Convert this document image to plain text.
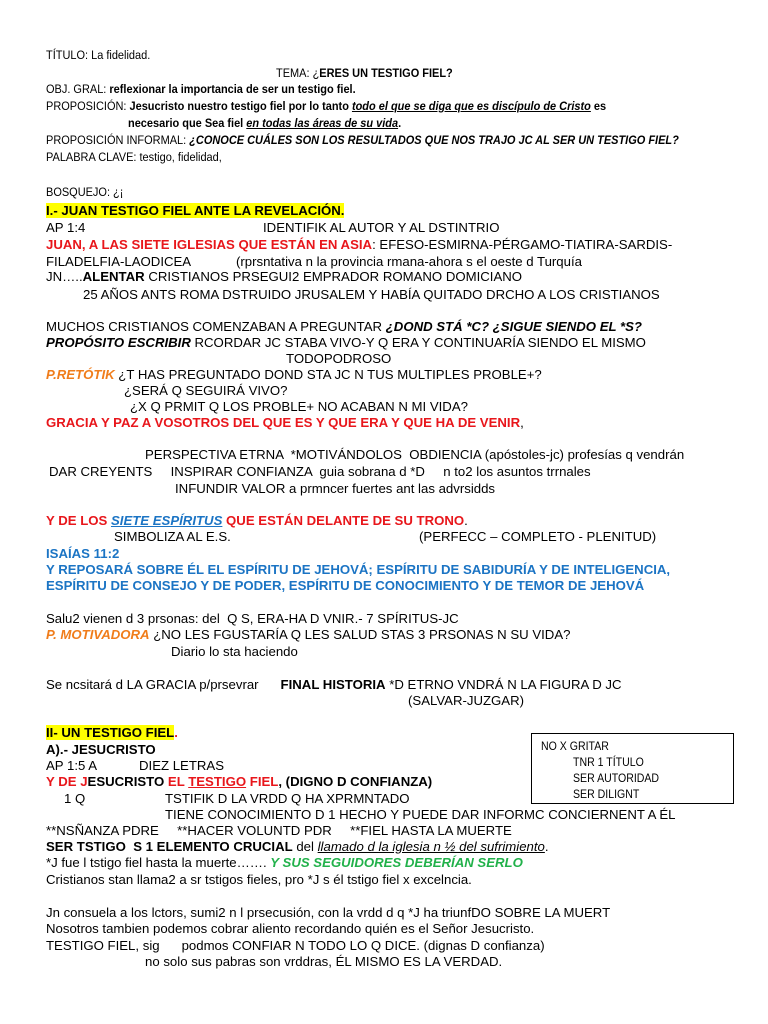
TÍTULO: La fidelidad.
TEMA: ¿ERES UN TESTIGO FIEL?
OBJ. GRAL: reflexionar la importancia de ser un testigo fiel.
PROPOSICIÓN: Jesucristo nuestro testigo fiel por lo tanto todo el que se diga que es discípulo de Cristo es
necesario que Sea fiel en todas las áreas de su vida.
PROPOSICIÓN INFORMAL: ¿CONOCE CUÁLES SON LOS RESULTADOS QUE NOS TRAJO JC AL SER UN TESTIGO FIEL?
PALABRA CLAVE: testigo, fidelidad,
BOSQUEJO: ¿¡
I.- JUAN TESTIGO FIEL ANTE LA REVELACIÓN.
AP 1:4	IDENTIFIK AL AUTOR Y AL DSTINTRIO
JUAN, A LAS SIETE IGLESIAS QUE ESTÁN EN ASIA: EFESO-ESMIRNA-PÉRGAMO-TIATIRA-SARDIS-
FILADELFIA-LAODICEA	(rprsntativa n la provincia rmana-ahora s el oeste d Turquía
JN…..ALENTAR CRISTIANOS PRSEGUI2 EMPRADOR ROMANO DOMICIANO
25 AÑOS ANTS ROMA DSTRUIDO JRUSALEM Y HABÍA QUITADO DRCHO A LOS CRISTIANOS
MUCHOS CRISTIANOS COMENZABAN A PREGUNTAR ¿DOND STÁ *C? ¿SIGUE SIENDO EL *S?
PROPÓSITO ESCRIBIR RCORDAR JC STABA VIVO-Y Q ERA Y CONTINUARÍA SIENDO EL MISMO
TODOPODROSO
P.RETÓTIK ¿T HAS PREGUNTADO DOND STA JC N TUS MULTIPLES PROBLE+?
¿SERÁ Q SEGUIRÁ VIVO?
¿X Q PRMIT Q LOS PROBLE+ NO ACABAN N MI VIDA?
GRACIA Y PAZ A VOSOTROS DEL QUE ES Y QUE ERA Y QUE HA DE VENIR,
PERSPECTIVA ETRNA  *MOTIVÁNDOLOS  OBDIENCIA (apóstoles-jc) profesías q vendrán
DAR CREYENTS     INSPIRAR CONFIANZA  guia sobrana d *D     n to2 los asuntos trrnales
INFUNDIR VALOR a prmncer fuertes ant las advrsidds
Y DE LOS SIETE ESPÍRITUS QUE ESTÁN DELANTE DE SU TRONO.
SIMBOLIZA AL E.S.	(PERFECC – COMPLETO - PLENITUD)
ISAÍAS 11:2
Y REPOSARÁ SOBRE ÉL EL ESPÍRITU DE JEHOVÁ; ESPÍRITU DE SABIDURÍA Y DE INTELIGENCIA,
ESPÍRITU DE CONSEJO Y DE PODER, ESPÍRITU DE CONOCIMIENTO Y DE TEMOR DE JEHOVÁ
Salu2 vienen d 3 prsonas: del  Q S, ERA-HA D VNIR.- 7 SPÍRITUS-JC
P. MOTIVADORA ¿NO LES FGUSTARÍA Q LES SALUD STAS 3 PRSONAS N SU VIDA?
Diario lo sta haciendo
Se ncsitará d LA GRACIA p/prsevrar      FINAL HISTORIA *D ETRNO VNDRÁ N LA FIGURA D JC
(SALVAR-JUZGAR)
II- UN TESTIGO FIEL.
A).- JESUCRISTO
AP 1:5 A	DIEZ LETRAS
Y DE JESUCRISTO EL TESTIGO FIEL, (DIGNO D CONFIANZA)
1 Q	TSTIFIK D LA VRDD Q HA XPRMNTADO
TIENE CONOCIMIENTO D 1 HECHO Y PUEDE DAR INFORMC CONCIERNENT A ÉL
**NSÑANZA PDRE     **HACER VOLUNTD PDR     **FIEL HASTA LA MUERTE
SER TSTIGO  S 1 ELEMENTO CRUCIAL del llamado d la iglesia n ½ del sufrimiento.
*J fue l tstigo fiel hasta la muerte……. Y SUS SEGUIDORES DEBERÍAN SERLO
Cristianos stan llama2 a sr tstigos fieles, pro *J s él tstigo fiel x excelncia.
Jn consuela a los lctors, sumi2 n l prsecusión, con la vrdd d q *J ha triunfDO SOBRE LA MUERT
Nosotros tambien podemos cobrar aliento recordando quién es el Señor Jesucristo.
TESTIGO FIEL, sig      podmos CONFIAR N TODO LO Q DICE. (dignas D confianza)
no solo sus pabras son vrddras, ÉL MISMO ES LA VERDAD.
NO X GRITAR
TNR 1 TÍTULO
SER AUTORIDAD
SER DILIGNT
